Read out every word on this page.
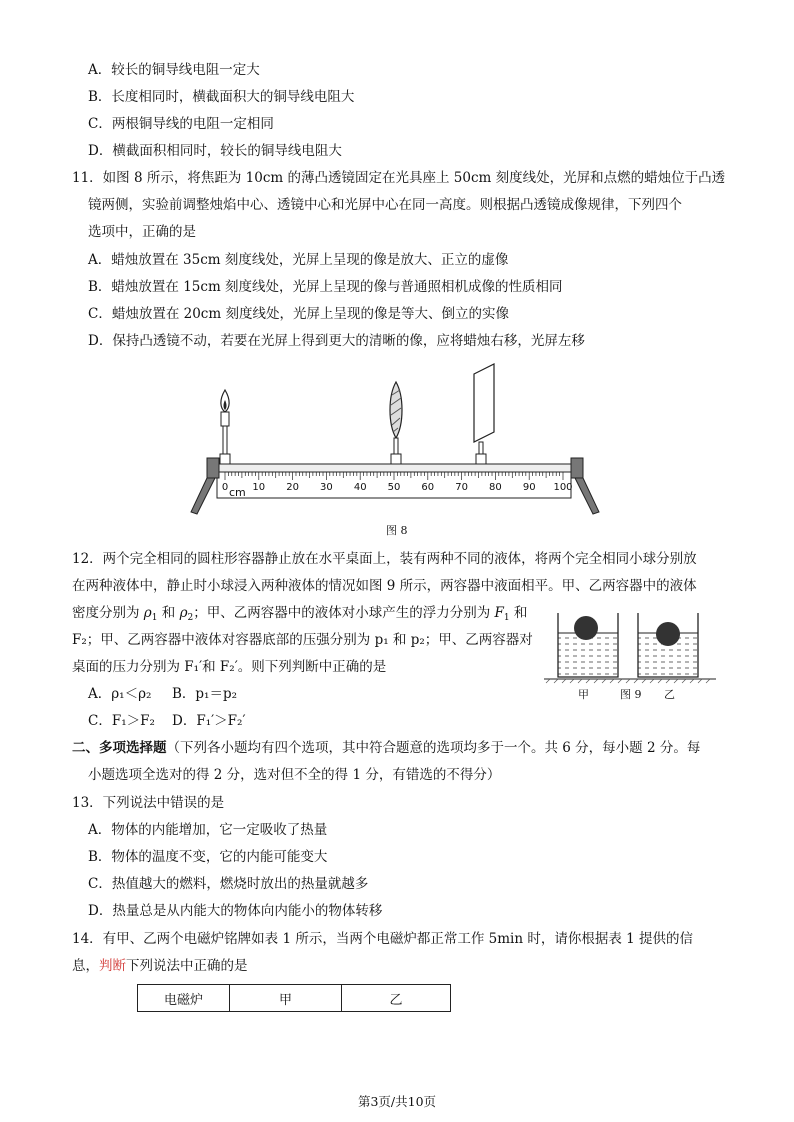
A．较长的铜导线电阻一定大
B．长度相同时，横截面积大的铜导线电阻大
C．两根铜导线的电阻一定相同
D．横截面积相同时，较长的铜导线电阻大
11．如图 8 所示，将焦距为 10cm 的薄凸透镜固定在光具座上 50cm 刻度线处，光屏和点燃的蜡烛位于凸透
镜两侧，实验前调整烛焰中心、透镜中心和光屏中心在同一高度。则根据凸透镜成像规律，下列四个
选项中，正确的是
A．蜡烛放置在 35cm 刻度线处，光屏上呈现的像是放大、正立的虚像
B．蜡烛放置在 15cm 刻度线处，光屏上呈现的像与普通照相机成像的性质相同
C．蜡烛放置在 20cm 刻度线处，光屏上呈现的像是等大、倒立的实像
D．保持凸透镜不动，若要在光屏上得到更大的清晰的像，应将蜡烛右移，光屏左移
0 10 20 30 40 50 60 70 80 90 100
cm
图 8
12．两个完全相同的圆柱形容器静止放在水平桌面上，装有两种不同的液体，将两个完全相同小球分别放
在两种液体中，静止时小球浸入两种液体的情况如图 9 所示，两容器中液面相平。甲、乙两容器中的液体
密度分别为 $\rho_1$ 和 $\rho_2$；甲、乙两容器中的液体对小球产生的浮力分别为 $F_1$ 和
F₂；甲、乙两容器中液体对容器底部的压强分别为 p₁ 和 p₂；甲、乙两容器对
桌面的压力分别为 F₁′和 F₂′。则下列判断中正确的是
A．ρ₁＜ρ₂ B．p₁＝p₂
C．F₁＞F₂ D．F₁′＞F₂′
甲	图 9 乙
二、多项选择题（下列各小题均有四个选项，其中符合题意的选项均多于一个。共 6 分，每小题 2 分。每
小题选项全选对的得 2 分，选对但不全的得 1 分，有错选的不得分）
13．下列说法中错误的是
A．物体的内能增加，它一定吸收了热量
B．物体的温度不变，它的内能可能变大
C．热值越大的燃料，燃烧时放出的热量就越多
D．热量总是从内能大的物体向内能小的物体转移
14．有甲、乙两个电磁炉铭牌如表 1 所示，当两个电磁炉都正常工作 5min 时，请你根据表 1 提供的信
息，判断下列说法中正确的是
电磁炉	甲	乙
第3页/共10页
